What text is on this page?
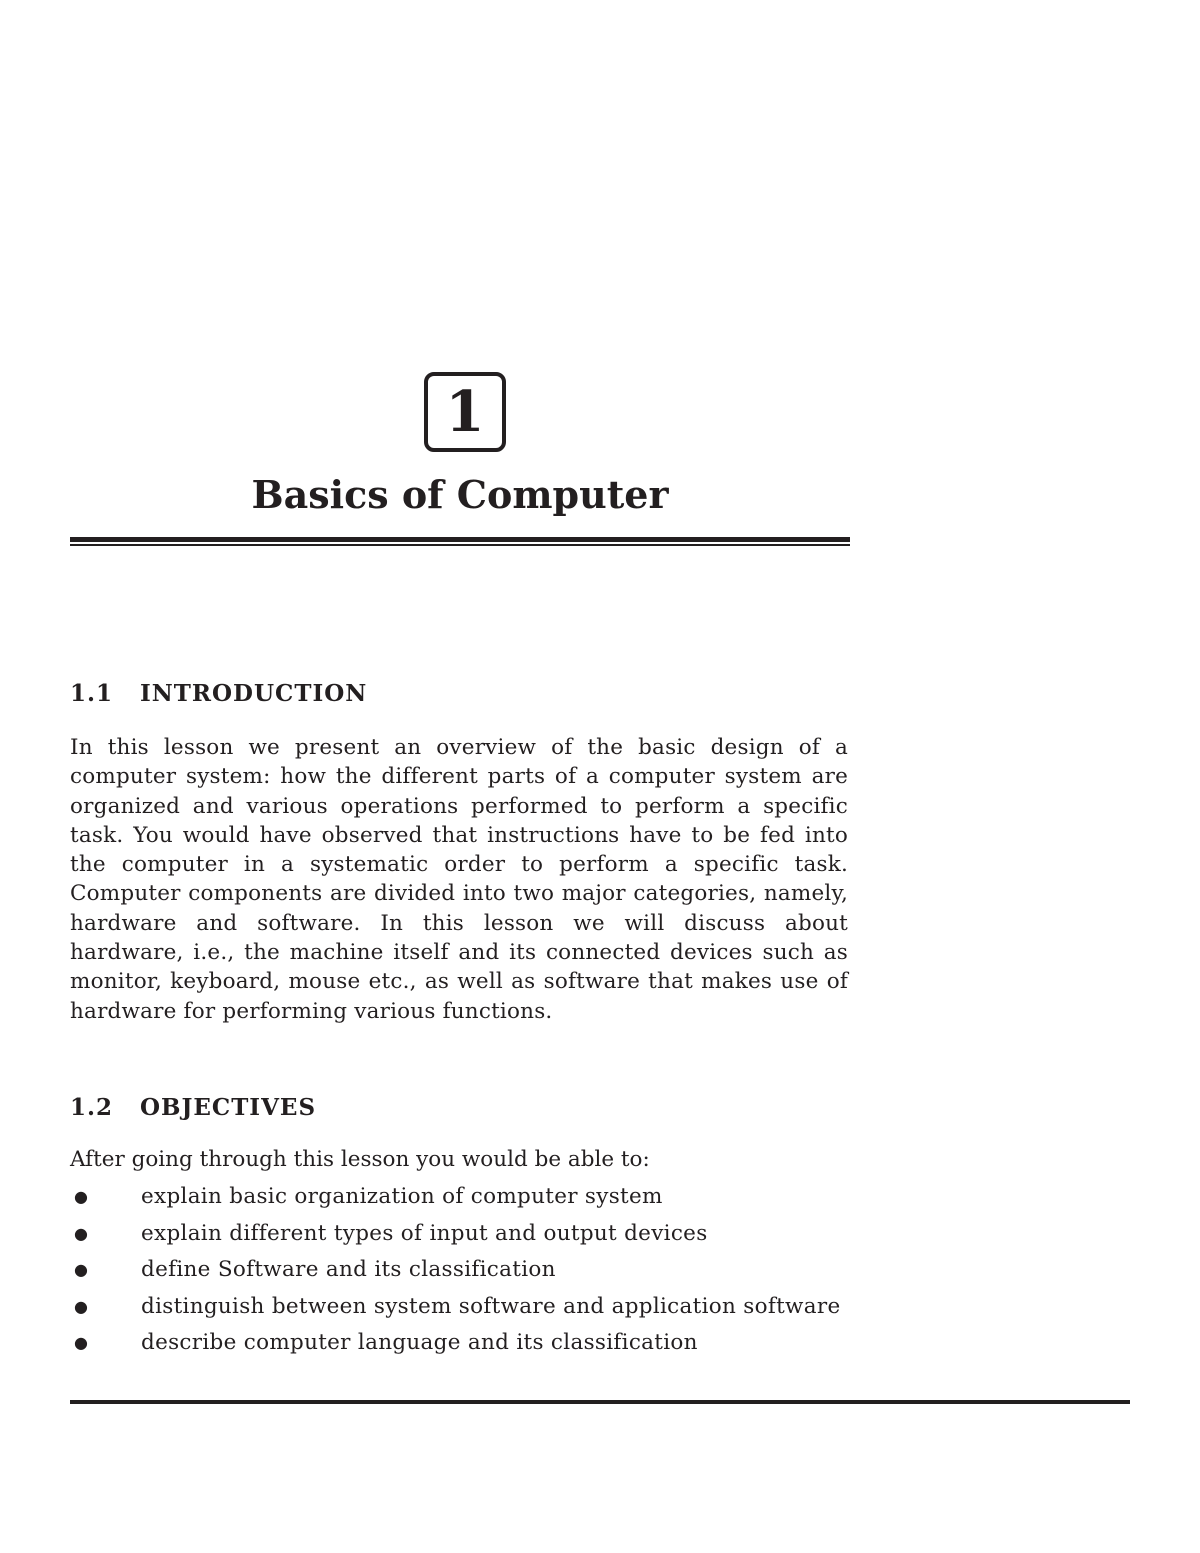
1
Basics of Computer
1.1 INTRODUCTION

In this lesson we present an overview of the basic design of a computer system: how the different parts of a computer system are organized and various operations performed to perform a specific task. You would have observed that instructions have to be fed into the computer in a systematic order to perform a specific task. Computer components are divided into two major categories, namely, hardware and software. In this lesson we will discuss about hardware, i.e., the machine itself and its connected devices such as monitor, keyboard, mouse etc., as well as software that makes use of hardware for performing various functions.

1.2 OBJECTIVES

After going through this lesson you would be able to:

● explain basic organization of computer system
● explain different types of input and output devices
● define Software and its classification
● distinguish between system software and application software
● describe computer language and its classification
